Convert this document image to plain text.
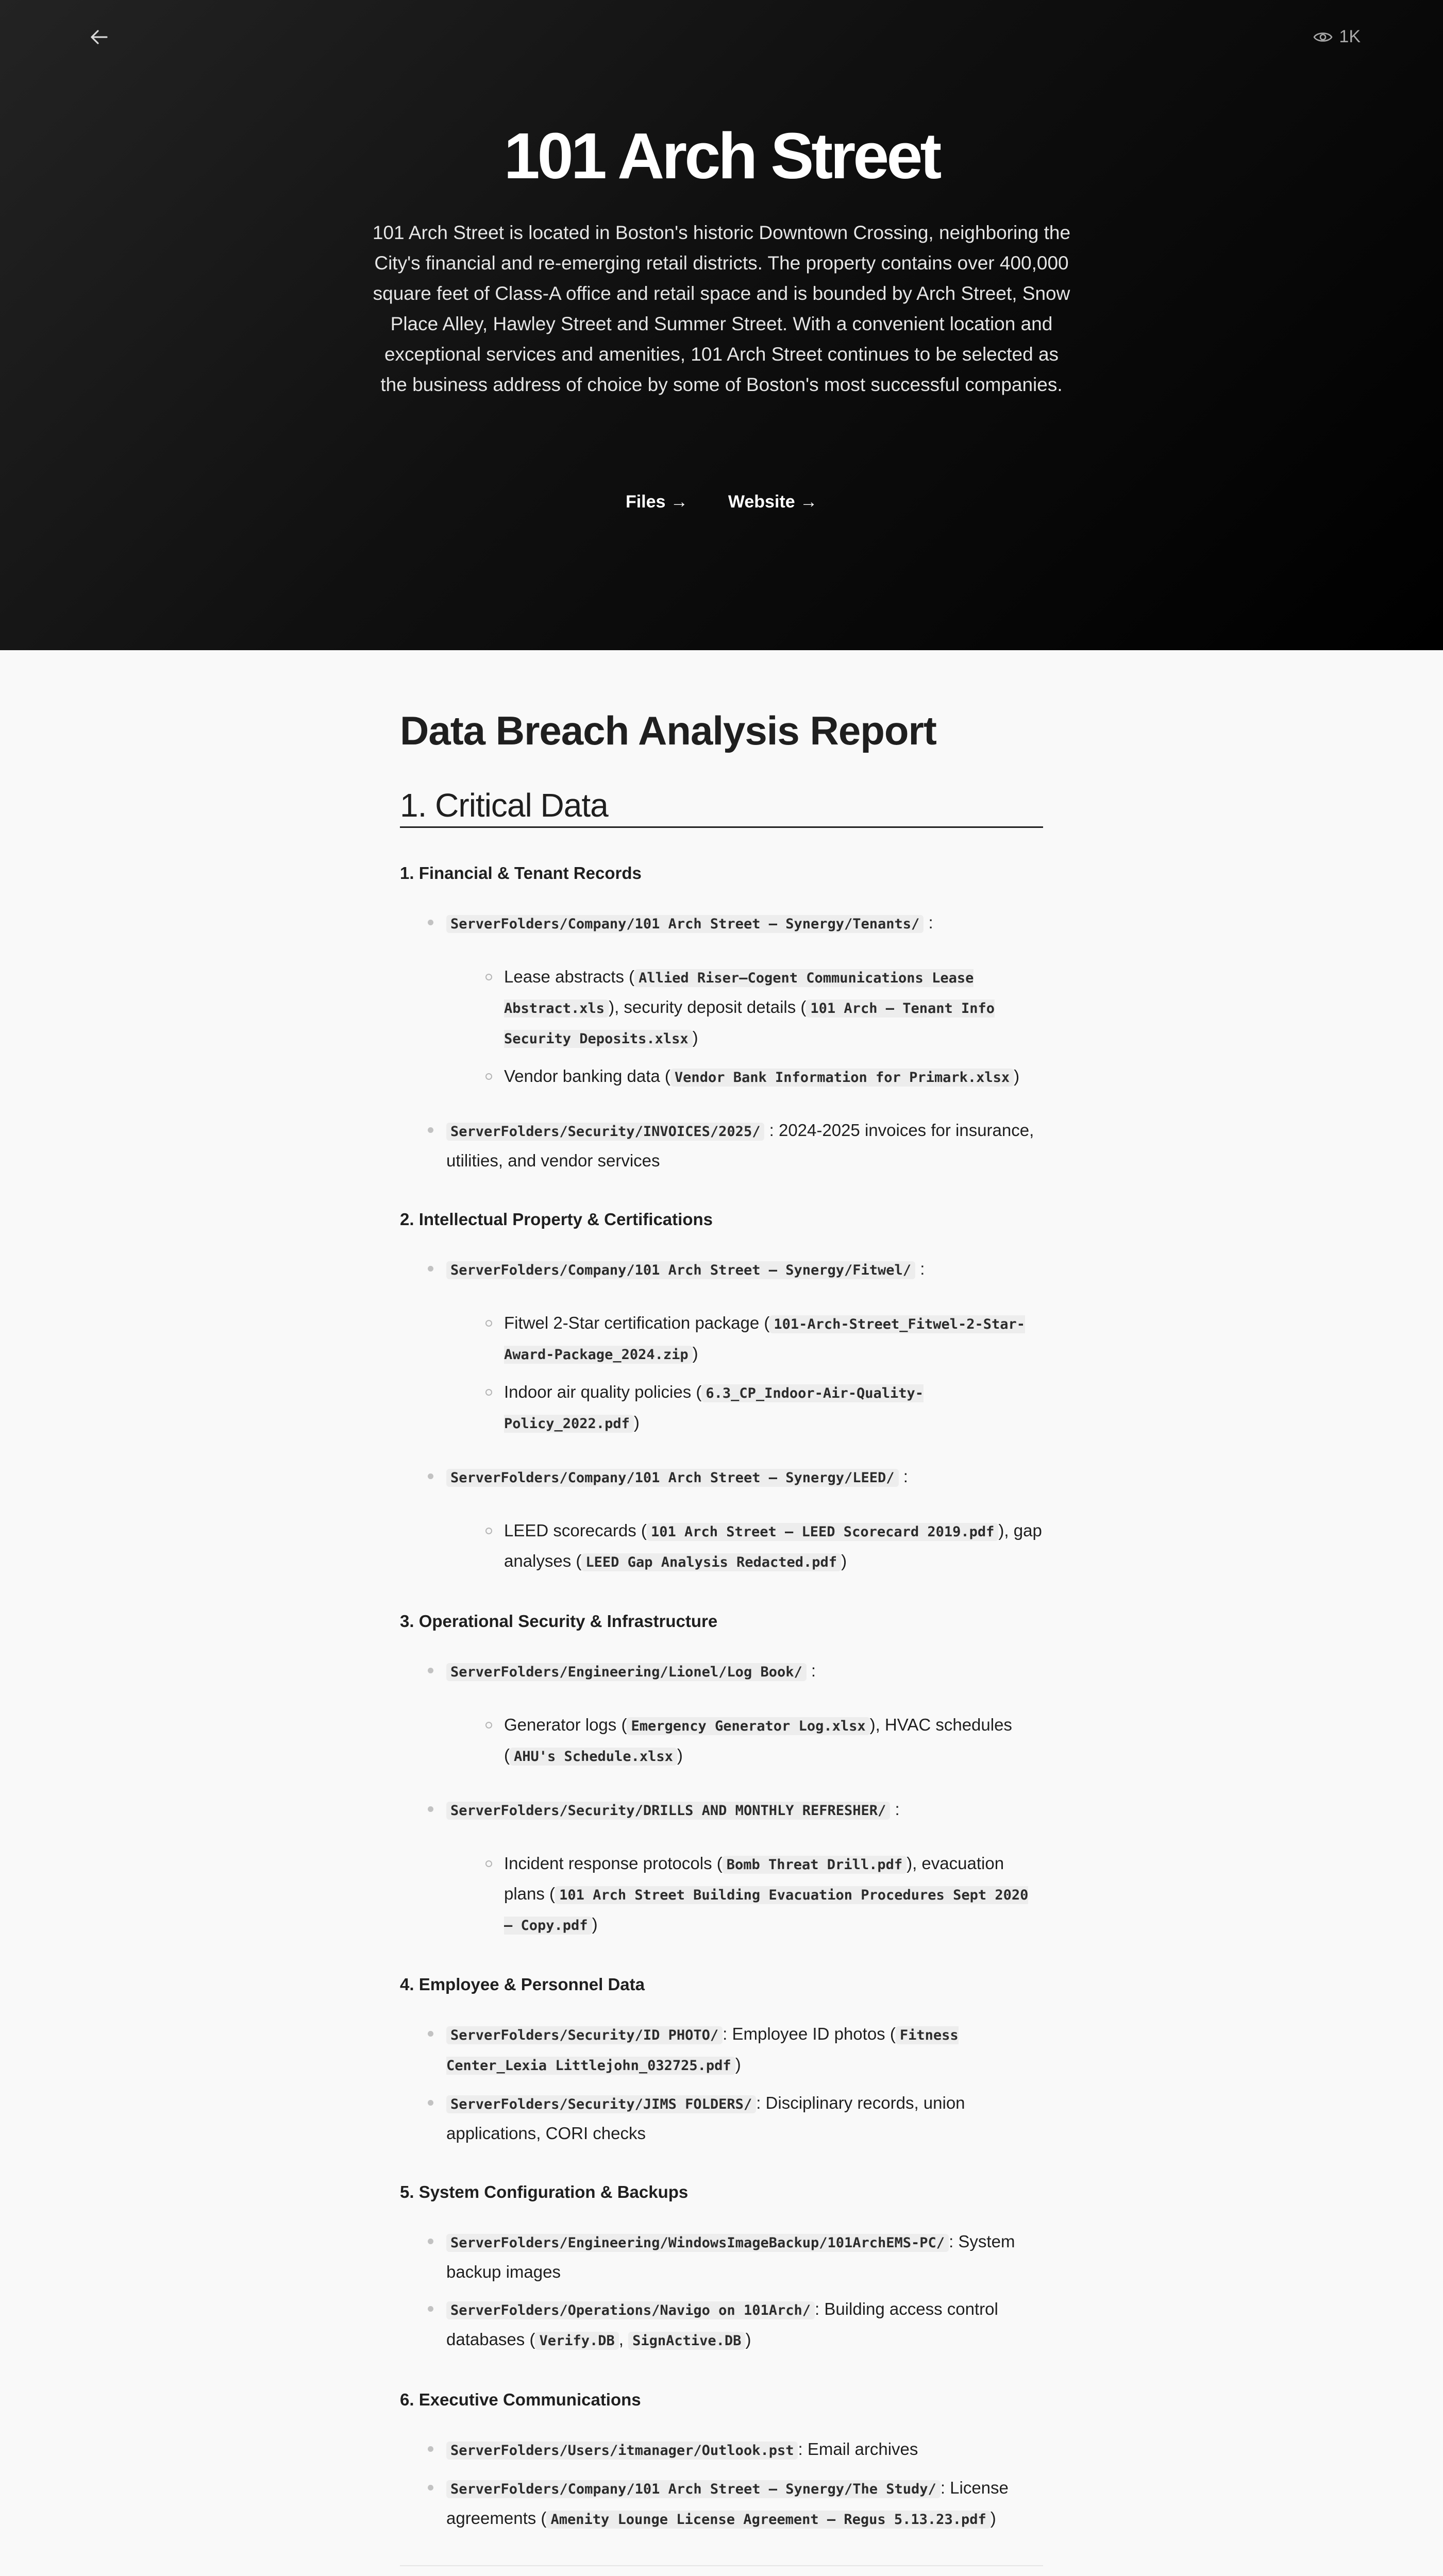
1K
101 Arch Street

101 Arch Street is located in Boston's historic Downtown Crossing, neighboring the City's financial and re-emerging retail districts. The property contains over 400,000 square feet of Class-A office and retail space and is bounded by Arch Street, Snow Place Alley, Hawley Street and Summer Street. With a convenient location and exceptional services and amenities, 101 Arch Street continues to be selected as the business address of choice by some of Boston's most successful companies.

Files → Website →
Data Breach Analysis Report
1. Critical Data
1. Financial & Tenant Records
ServerFolders/Company/101 Arch Street – Synergy/Tenants/ :
Lease abstracts ( Allied Riser–Cogent Communications Lease Abstract.xls ), security deposit details ( 101 Arch – Tenant Info Security Deposits.xlsx )
Vendor banking data ( Vendor Bank Information for Primark.xlsx )
ServerFolders/Security/INVOICES/2025/ : 2024-2025 invoices for insurance, utilities, and vendor services
2. Intellectual Property & Certifications
ServerFolders/Company/101 Arch Street – Synergy/Fitwel/ :
Fitwel 2-Star certification package ( 101-Arch-Street_Fitwel-2-Star-Award-Package_2024.zip )
Indoor air quality policies ( 6.3_CP_Indoor-Air-Quality-Policy_2022.pdf )
ServerFolders/Company/101 Arch Street – Synergy/LEED/ :
LEED scorecards ( 101 Arch Street – LEED Scorecard 2019.pdf ), gap analyses ( LEED Gap Analysis Redacted.pdf )
3. Operational Security & Infrastructure
ServerFolders/Engineering/Lionel/Log Book/ :
Generator logs ( Emergency Generator Log.xlsx ), HVAC schedules ( AHU's Schedule.xlsx )
ServerFolders/Security/DRILLS AND MONTHLY REFRESHER/ :
Incident response protocols ( Bomb Threat Drill.pdf ), evacuation plans ( 101 Arch Street Building Evacuation Procedures Sept 2020 – Copy.pdf )
4. Employee & Personnel Data
ServerFolders/Security/ID PHOTO/ : Employee ID photos ( Fitness Center_Lexia Littlejohn_032725.pdf )
ServerFolders/Security/JIMS FOLDERS/ : Disciplinary records, union applications, CORI checks
5. System Configuration & Backups
ServerFolders/Engineering/WindowsImageBackup/101ArchEMS-PC/ : System backup images
ServerFolders/Operations/Navigo on 101Arch/ : Building access control databases ( Verify.DB , SignActive.DB )
6. Executive Communications
ServerFolders/Users/itmanager/Outlook.pst : Email archives
ServerFolders/Company/101 Arch Street – Synergy/The Study/ : License agreements ( Amenity Lounge License Agreement – Regus 5.13.23.pdf )
